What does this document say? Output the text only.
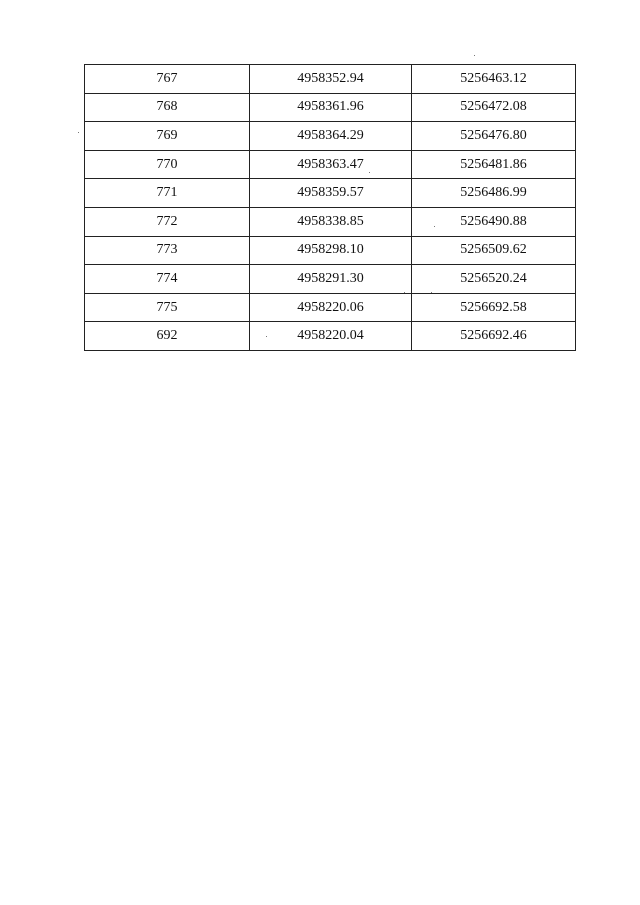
767	4958352.94	5256463.12
768	4958361.96	5256472.08
769	4958364.29	5256476.80
770	4958363.47	5256481.86
771	4958359.57	5256486.99
772	4958338.85	5256490.88
773	4958298.10	5256509.62
774	4958291.30	5256520.24
775	4958220.06	5256692.58
692	4958220.04	5256692.46
